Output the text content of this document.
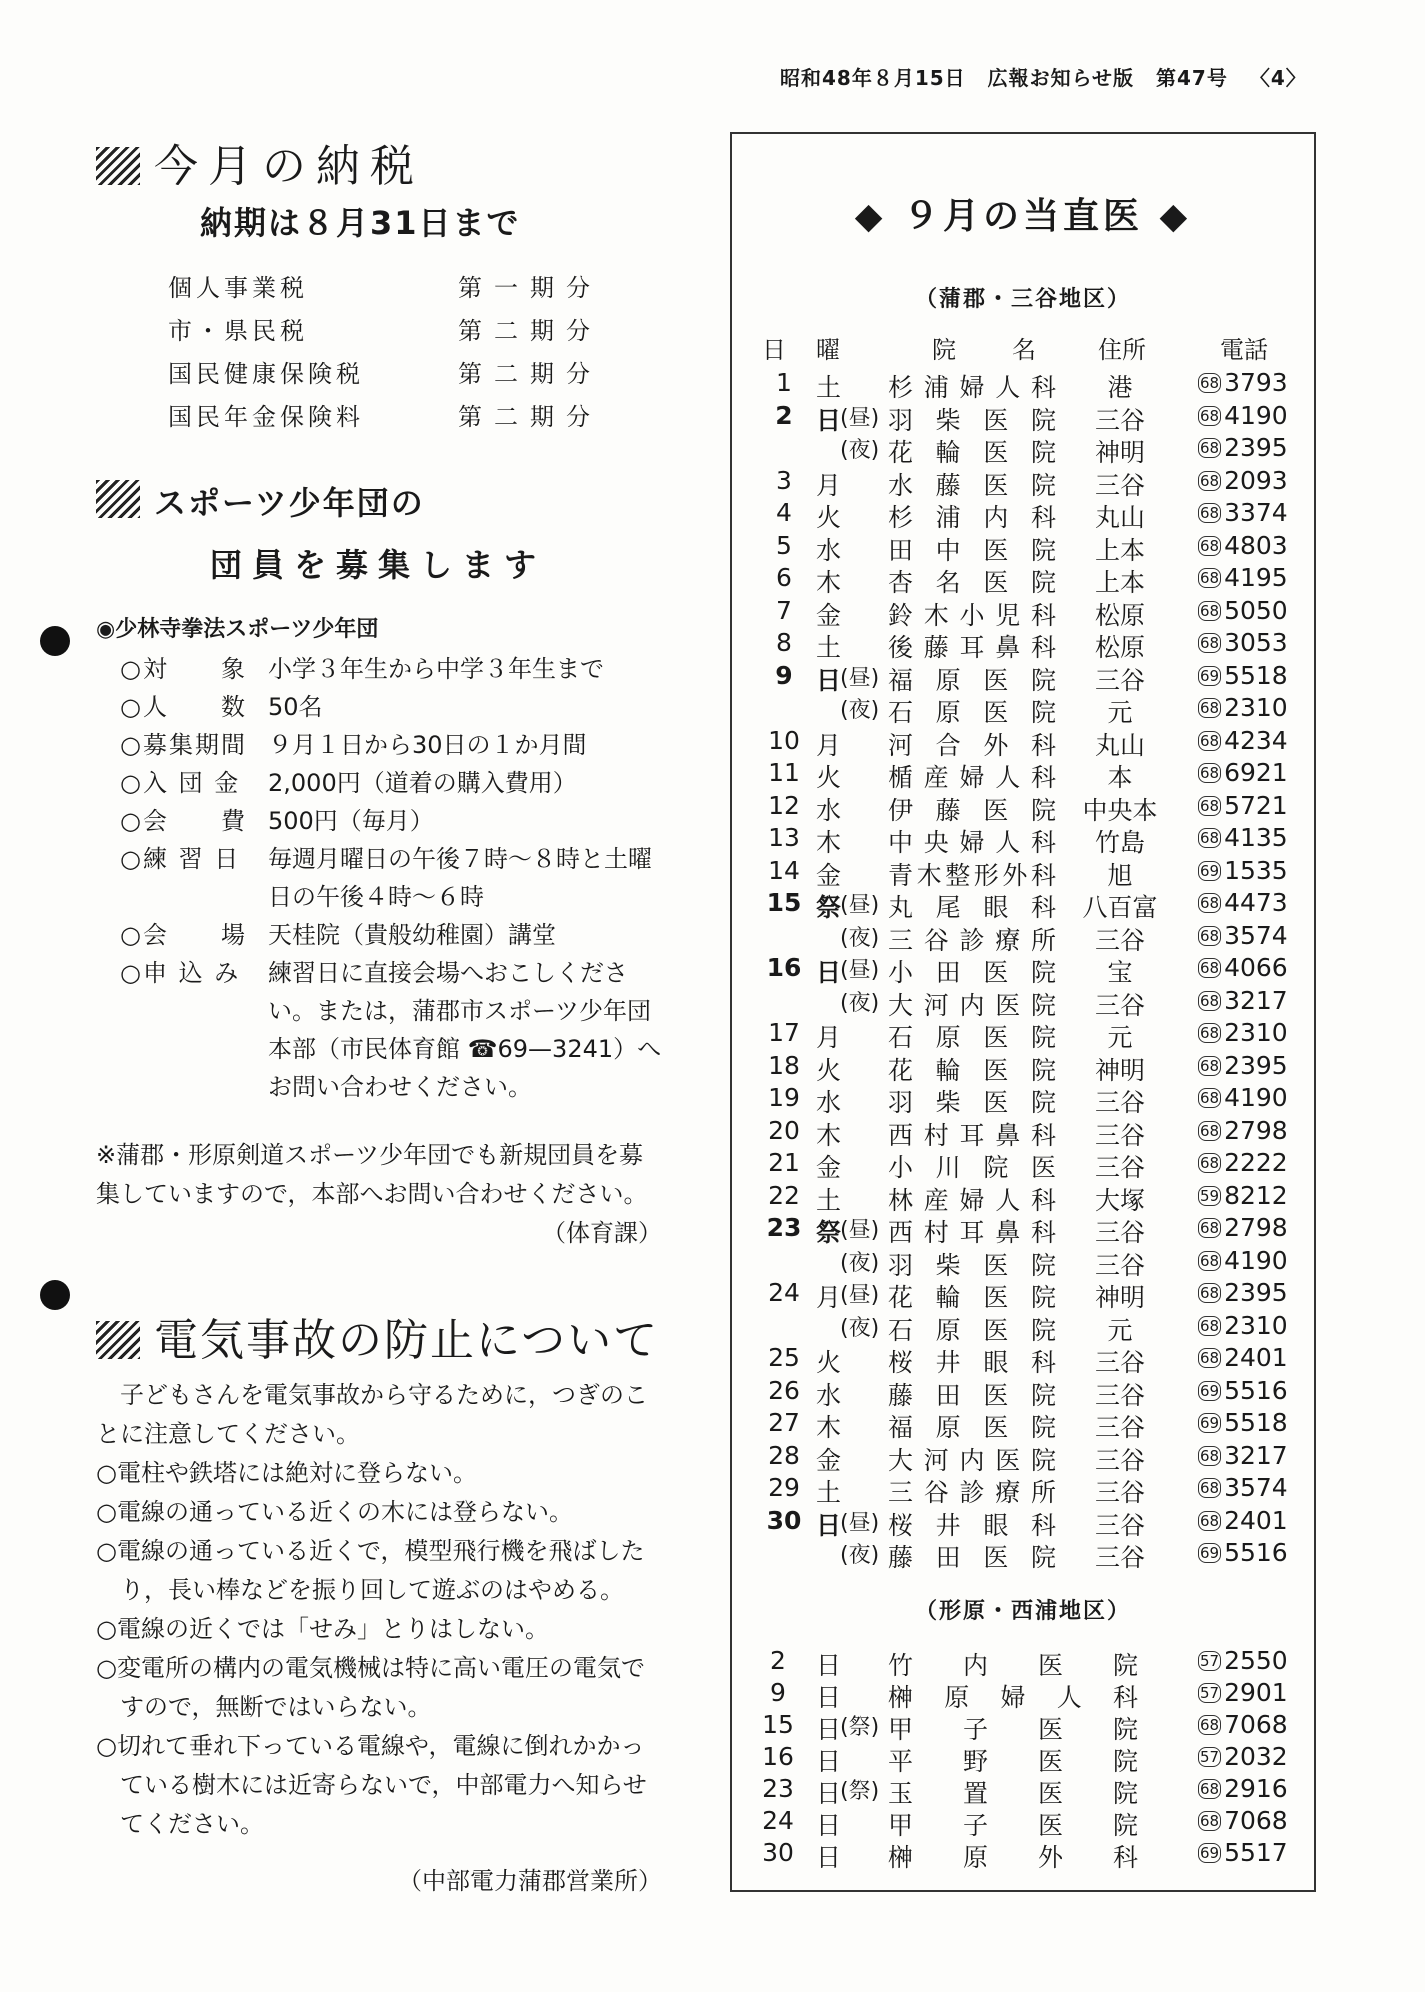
昭和48年８月15日 広報お知らせ版 第47号 〈4〉
今月の納税
納期は８月31日まで
個人事業税	第一期分
市・県民税	第二期分
国民健康保険税	第二期分
国民年金保険料	第二期分
スポーツ少年団の
団員を募集します
◉少林寺拳法スポーツ少年団
○対　　象 小学３年生から中学３年生まで
○人　　数 50名
○募集期間 ９月１日から30日の１か月間
○入 団 金 2,000円（道着の購入費用）
○会　　費 500円（毎月）
○練 習 日 毎週月曜日の午後７時〜８時と土曜
日の午後４時〜６時
○会　　場 天桂院（貴般幼稚園）講堂
○申 込 み 練習日に直接会場へおこしくださ
い。または，蒲郡市スポーツ少年団
本部（市民体育館 ☎69—3241）へ
お問い合わせください。
※蒲郡・形原剣道スポーツ少年団でも新規団員を募
集していますので，本部へお問い合わせください。
（体育課）
電気事故の防止について
子どもさんを電気事故から守るために，つぎのこ
とに注意してください。
○電柱や鉄塔には絶対に登らない。
○電線の通っている近くの木には登らない。
○電線の通っている近くで，模型飛行機を飛ばした
　り，長い棒などを振り回して遊ぶのはやめる。
○電線の近くでは「せみ」とりはしない。
○変電所の構内の電気機械は特に高い電圧の電気で
　すので，無断ではいらない。
○切れて垂れ下っている電線や，電線に倒れかかっ
　ている樹木には近寄らないで，中部電力へ知らせ
　てください。
（中部電力蒲郡営業所）
◆ ９月の当直医 ◆
（蒲郡・三谷地区）
日 曜	院　名 住所	電話
1 土 杉浦婦人科	港	68 3793
2 日
(昼) 羽柴医院	三谷	68 4190
(夜) 花輪医院	神明	68 2395
3 月 水藤医院	三谷	68 2093
4 火 杉浦内科	丸山	68 3374
5 水 田中医院	上本	68 4803
6 木 杏名医院	上本	68 4195
7 金 鈴木小児科	松原	68 5050
8 土 後藤耳鼻科	松原	68 3053
9 日
(昼) 福原医院	三谷	69 5518
(夜) 石原医院	元	68 2310
10 月 河合外科	丸山	68 4234
11 火 楯産婦人科	本	68 6921
12 水 伊藤医院 中央本	68 5721
13 木 中央婦人科	竹島	68 4135
14 金 青木整形外科	旭	69 1535
15 祭
(昼) 丸尾眼科 八百富	68 4473
(夜) 三谷診療所	三谷	68 3574
16 日
(昼) 小田医院	宝	68 4066
(夜) 大河内医院	三谷	68 3217
17 月 石原医院	元	68 2310
18 火 花輪医院	神明	68 2395
19 水 羽柴医院	三谷	68 4190
20 木 西村耳鼻科	三谷	68 2798
21 金 小川院医	三谷	68 2222
22 土 林産婦人科	大塚	59 8212
23 祭
(昼) 西村耳鼻科	三谷	68 2798
(夜) 羽柴医院	三谷	68 4190
24 月
(昼) 花輪医院	神明	68 2395
(夜) 石原医院	元	68 2310
25 火 桜井眼科	三谷	68 2401
26 水 藤田医院	三谷	69 5516
27 木 福原医院	三谷	69 5518
28 金 大河内医院	三谷	68 3217
29 土 三谷診療所	三谷	68 3574
30 日
(昼) 桜井眼科	三谷	68 2401
(夜) 藤田医院	三谷	69 5516
（形原・西浦地区）
2	日 竹内医院	57 2550
9	日 榊原婦人科	57 2901
15 日
(祭) 甲子医院	68 7068
16 日 平野医院	57 2032
23 日
(祭) 玉置医院	68 2916
24 日 甲子医院	68 7068
30 日 榊原外科	69 5517
